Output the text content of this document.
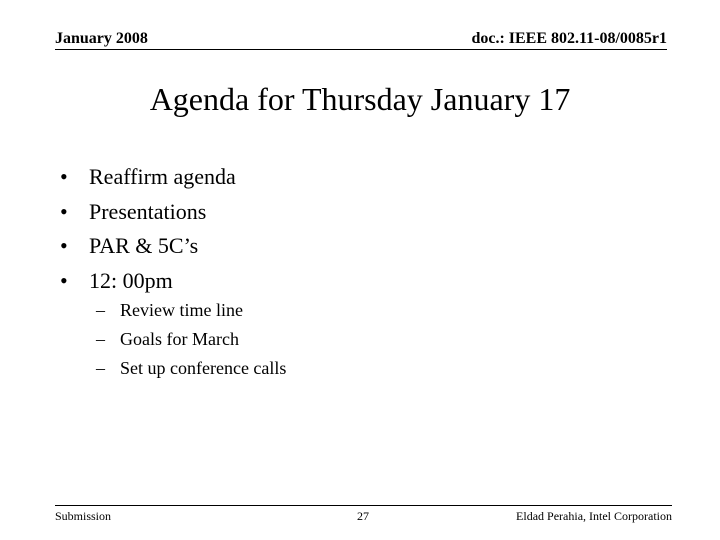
January 2008	doc.: IEEE 802.11-08/0085r1
Agenda for Thursday January 17
• Reaffirm agenda
• Presentations
• PAR & 5C’s
• 12: 00pm
– Review time line
– Goals for March
– Set up conference calls
Submission	27	Eldad Perahia, Intel Corporation
